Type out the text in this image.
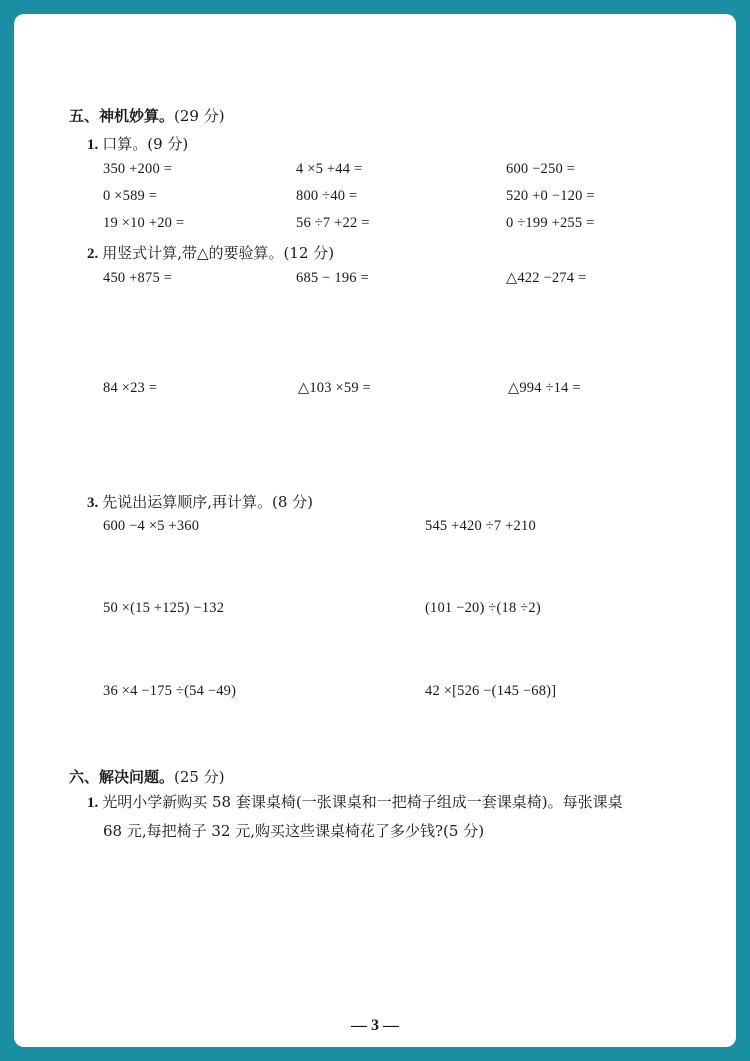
五、神机妙算。(29 分)
1. 口算。(9 分)
350 +200 =	4 ×5 +44 =	600 −250 =
0 ×589 =	800 ÷40 =	520 +0 −120 =
19 ×10 +20 =	56 ÷7 +22 =	0 ÷199 +255 =
2. 用竖式计算,带△的要验算。(12 分)
450 +875 =	685 − 196 =	△422 −274 =
84 ×23 =	△103 ×59 =	△994 ÷14 =
3. 先说出运算顺序,再计算。(8 分)
600 −4 ×5 +360	545 +420 ÷7 +210
50 ×(15 +125) −132	(101 −20) ÷(18 ÷2)
36 ×4 −175 ÷(54 −49)	42 ×[526 −(145 −68)]
六、解决问题。(25 分)
1. 光明小学新购买 58 套课桌椅(一张课桌和一把椅子组成一套课桌椅)。每张课桌
68 元,每把椅子 32 元,购买这些课桌椅花了多少钱?(5 分)
— 3 —
